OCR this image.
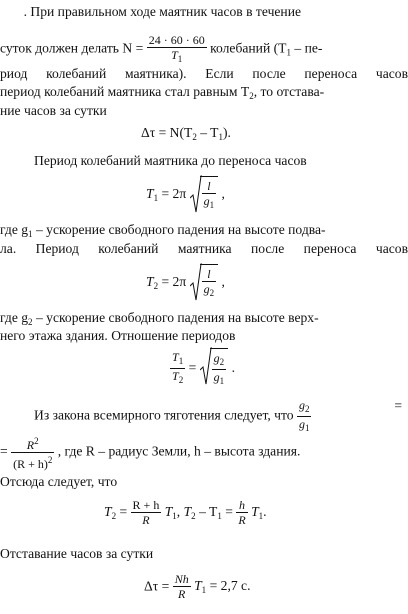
  . При правильном ходе маятник часов в течение
суток должен делать $N = \frac{24 \cdot 60 \cdot 60}{T_1}$ колебаний ($T_1 - пе-$
риод колебаний маятника). Если после переноса часов
период колебаний маятника стал равным $T_2$, то отстава-
ние часов за сутки
$\Delta\tau = N(T_2 - T_1)$.
Период колебаний маятника до переноса часов
$T_1 = 2\pi \frac{l}{g_1}$ ,
где $g_1$ – ускорение свободного падения на высоте подва-
ла. Период колебаний маятника после переноса часов
$T_2 = 2\pi \frac{l}{g_2}$ ,
где $g_2$ – ускорение свободного падения на высоте верх-
него этажа здания. Отношение периодов
$\frac{T_1}{T_2} = \frac{g_2}{g_1}$ .
Из закона всемирного тяготения следует, что $\frac{g_2}{g_1}$	=
= $\frac{R^2}{(R + h)^2}$ , где R – радиус Земли, h – высота здания.
Отсюда следует, что
$T_2 = \frac{R + h}{R} T_1$, $T_2 - T_1 = \frac{h}{R} T_1$.
Отставание часов за сутки
$\Delta\tau = \frac{Nh}{R} T_1 = 2,7$ с.
